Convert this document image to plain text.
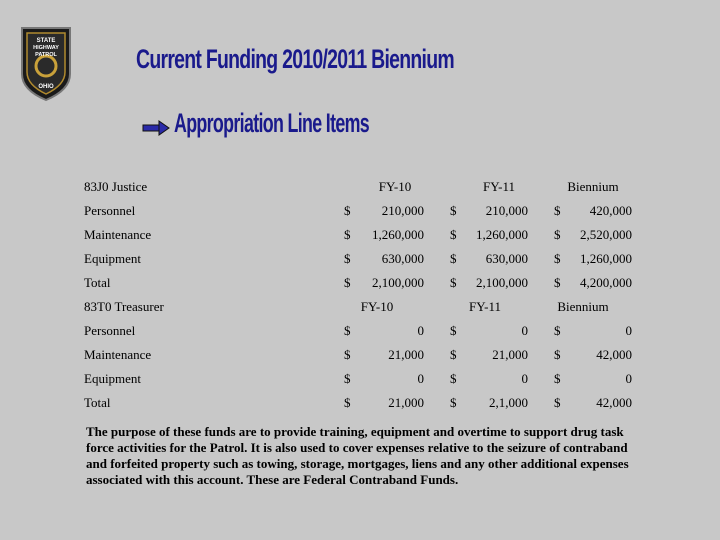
STATE
HIGHWAY
PATROL
OHIO
Current Funding 2010/2011 Biennium
Appropriation Line Items
83J0 Justice	FY-10	FY-11	Biennium
Personnel	$	210,000 $	210,000 $	420,000
Maintenance	$	1,260,000 $	1,260,000 $	2,520,000
Equipment	$	630,000 $	630,000 $	1,260,000
Total	$	2,100,000 $	2,100,000 $	4,200,000
83T0 Treasurer	FY-10	FY-11	Biennium
Personnel	$	0 $	0 $	0
Maintenance	$	21,000 $	21,000 $	42,000
Equipment	$	0 $	0 $	0
Total	$	21,000 $	2,1,000 $	42,000
The purpose of these funds are to provide training, equipment and overtime to support drug task force activities for the Patrol. It is also used to cover expenses relative to the seizure of contraband and forfeited property such as towing, storage, mortgages, liens and any other additional expenses associated with this account. These are Federal Contraband Funds.
